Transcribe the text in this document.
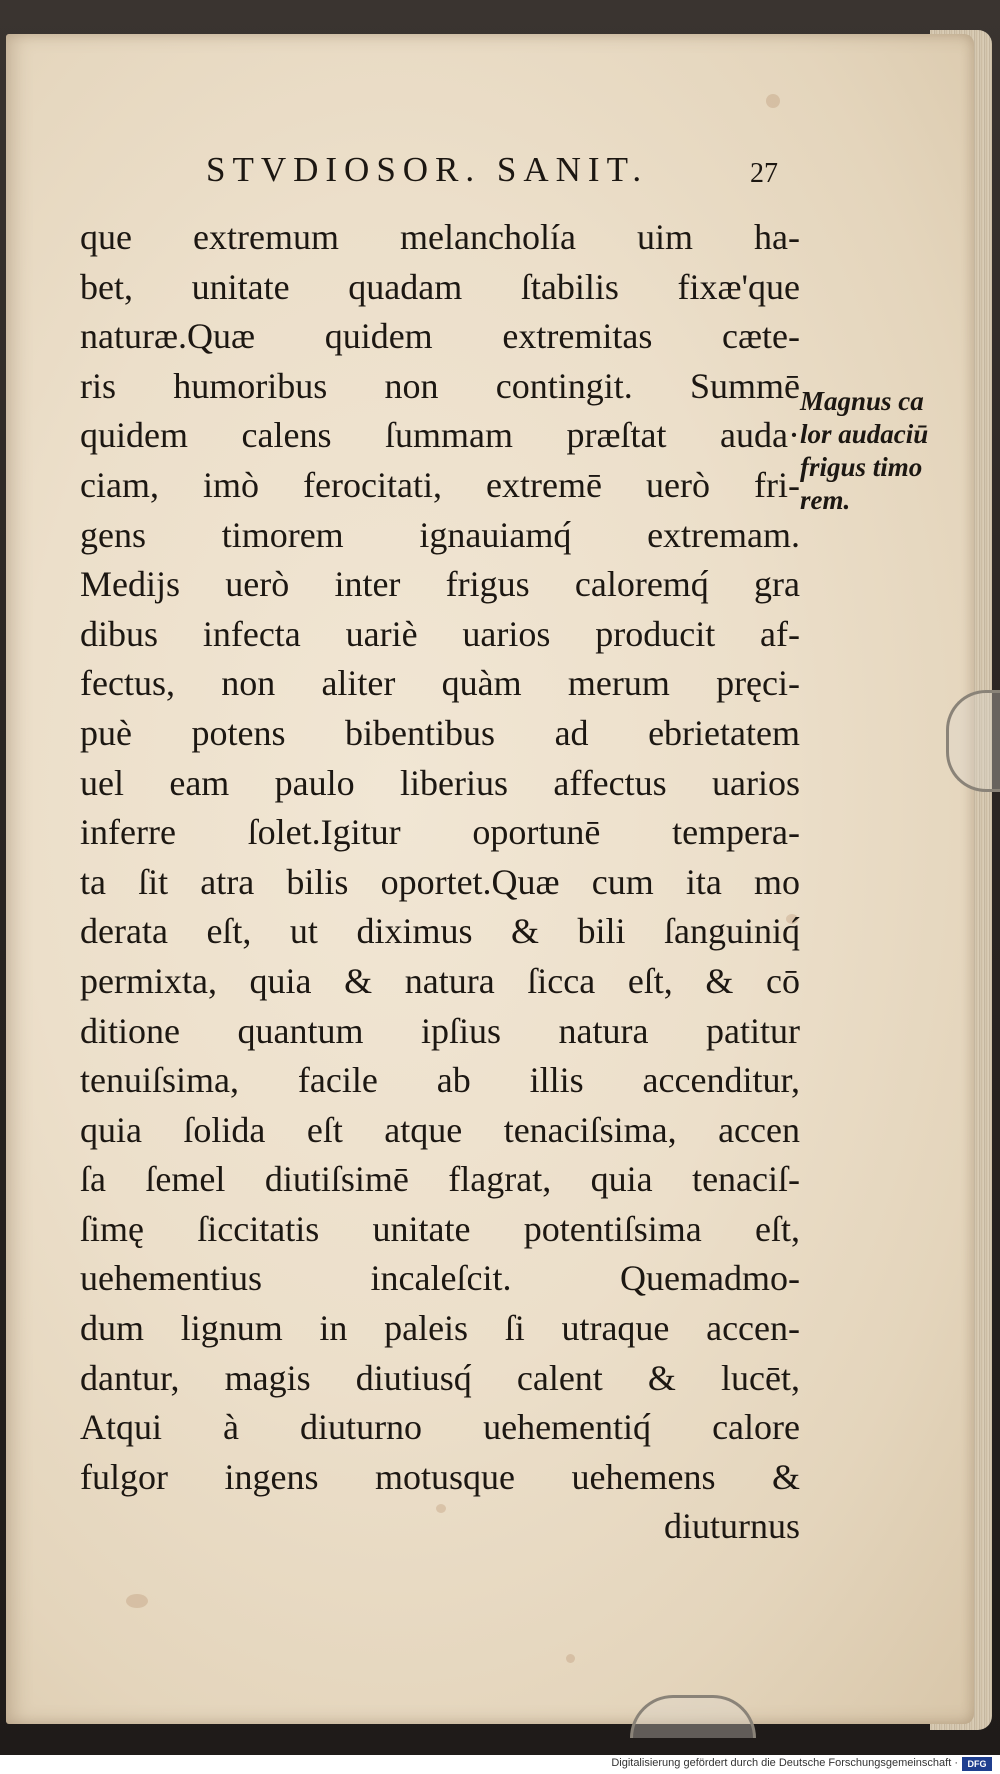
STVDIOSOR. SANIT.	27
que extremum melancholía uim ha-
bet, unitate quadam ſtabilis fixæ'que
naturæ.Quæ quidem extremitas cæte-
ris humoribus non contingit. Summē
quidem calens ſummam præſtat auda·
ciam, imò ferocitati, extremē uerò fri-
gens timorem ignauiamq́ extremam.
Medijs uerò inter frigus caloremq́ gra
dibus infecta uariè uarios producit af-
fectus, non aliter quàm merum pręci-
puè potens bibentibus ad ebrietatem
uel eam paulo liberius affectus uarios
inferre ſolet.Igitur oportunē tempera-
ta ſit atra bilis oportet.Quæ cum ita mo
derata eſt, ut diximus & bili ſanguiniq́
permixta, quia & natura ſicca eſt, & cō
ditione quantum ipſius natura patitur
tenuiſsima, facile ab illis accenditur,
quia ſolida eſt atque tenaciſsima, accen
ſa ſemel diutiſsimē flagrat, quia tenaciſ-
ſimę ſiccitatis unitate potentiſsima eſt,
uehementius incaleſcit. Quemadmo-
dum lignum in paleis ſi utraque accen-
dantur, magis diutiusq́ calent & lucēt,
Atqui à diuturno uehementiq́ calore
fulgor ingens motusque uehemens &
diuturnus
Magnus ca
lor audaciū
frigus timo
rem.
Digitalisierung gefördert durch die Deutsche Forschungsgemeinschaft ·	DFG
